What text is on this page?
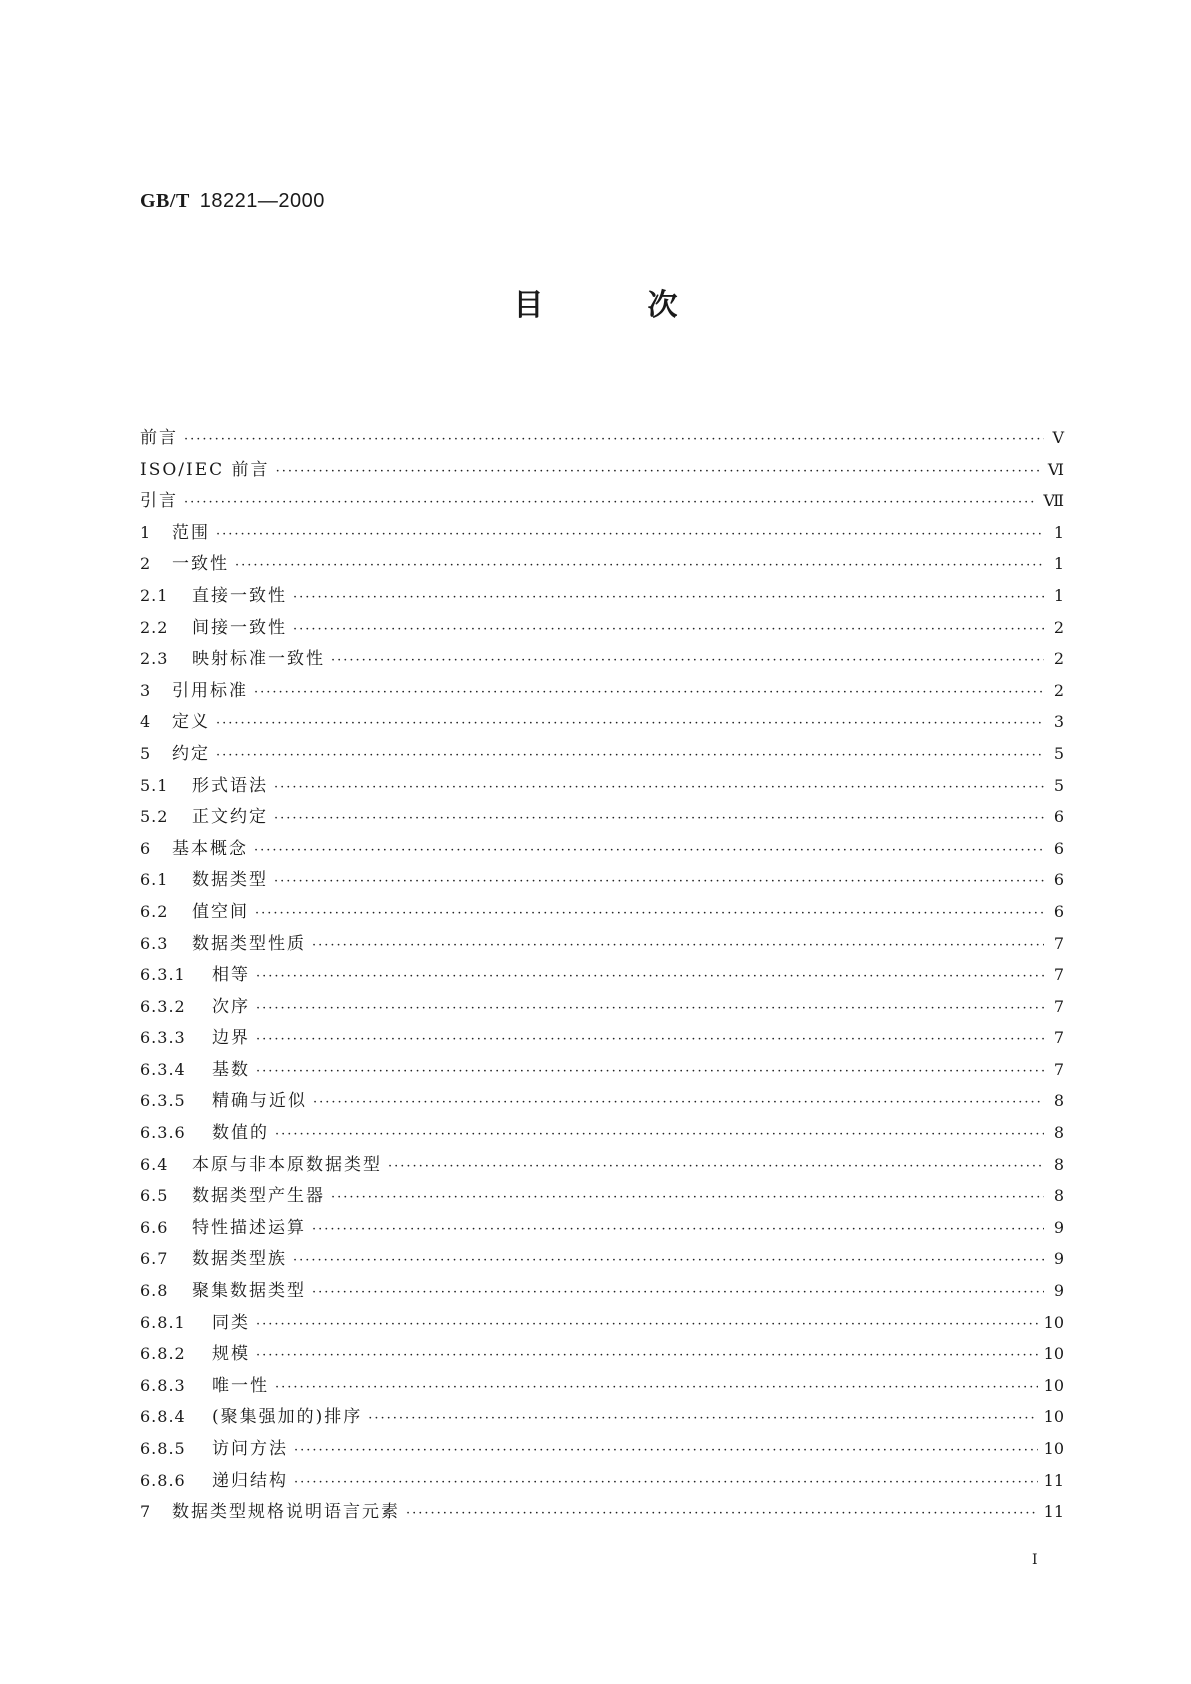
GB/T 18221—2000
目	次
前言 ·····	Ⅴ
ISO/IEC 前言 ·····	Ⅵ
引言 ·····	Ⅶ
1	范围 ·····	1
2	一致性 ·····	1
2.1	直接一致性 ·····	1
2.2	间接一致性 ·····	2
2.3	映射标准一致性 ·····	2
3	引用标准 ·····	2
4	定义 ·····	3
5	约定 ·····	5
5.1	形式语法 ·····	5
5.2	正文约定 ·····	6
6	基本概念 ·····	6
6.1	数据类型 ·····	6
6.2	值空间 ·····	6
6.3	数据类型性质 ·····	7
6.3.1	相等 ·····	7
6.3.2	次序 ·····	7
6.3.3	边界 ·····	7
6.3.4	基数 ·····	7
6.3.5	精确与近似 ·····	8
6.3.6	数值的 ·····	8
6.4	本原与非本原数据类型 ·····	8
6.5	数据类型产生器 ·····	8
6.6	特性描述运算 ·····	9
6.7	数据类型族 ·····	9
6.8	聚集数据类型 ·····	9
6.8.1	同类 ·····	10
6.8.2	规模 ·····	10
6.8.3	唯一性 ·····	10
6.8.4	(聚集强加的)排序 ·····	10
6.8.5	访问方法 ·····	10
6.8.6	递归结构 ·····	11
7	数据类型规格说明语言元素 ·····	11
Ⅰ
